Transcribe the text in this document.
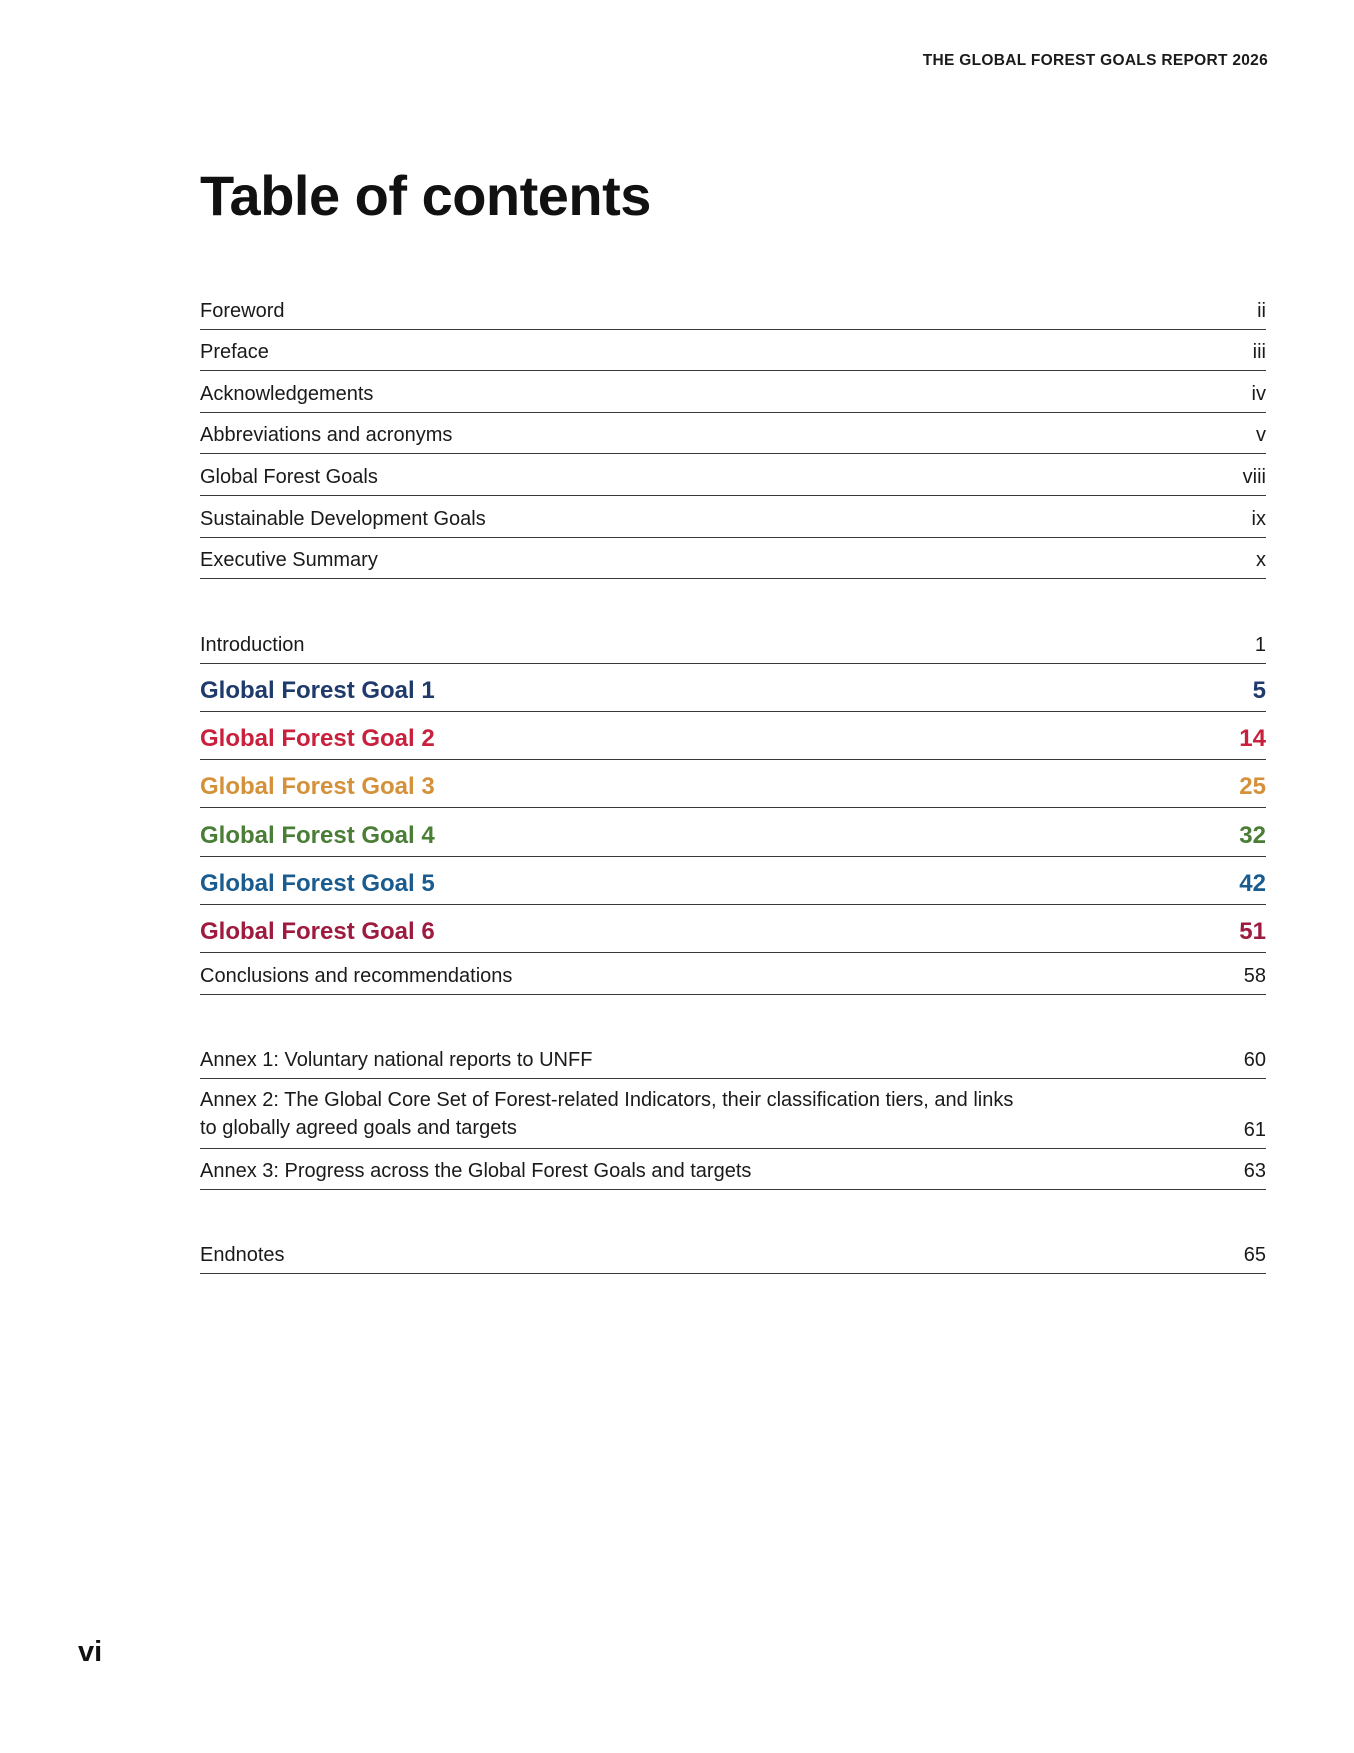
THE GLOBAL FOREST GOALS REPORT 2026
Table of contents
Foreword	ii
Preface	iii
Acknowledgements	iv
Abbreviations and acronyms	v
Global Forest Goals	viii
Sustainable Development Goals	ix
Executive Summary	x
Introduction	1
Global Forest Goal 1	5
Global Forest Goal 2	14
Global Forest Goal 3	25
Global Forest Goal 4	32
Global Forest Goal 5	42
Global Forest Goal 6	51
Conclusions and recommendations	58
Annex 1: Voluntary national reports to UNFF	60
Annex 2: The Global Core Set of Forest-related Indicators, their classification tiers, and links to globally agreed goals and targets	61
Annex 3: Progress across the Global Forest Goals and targets	63
Endnotes	65
vi
